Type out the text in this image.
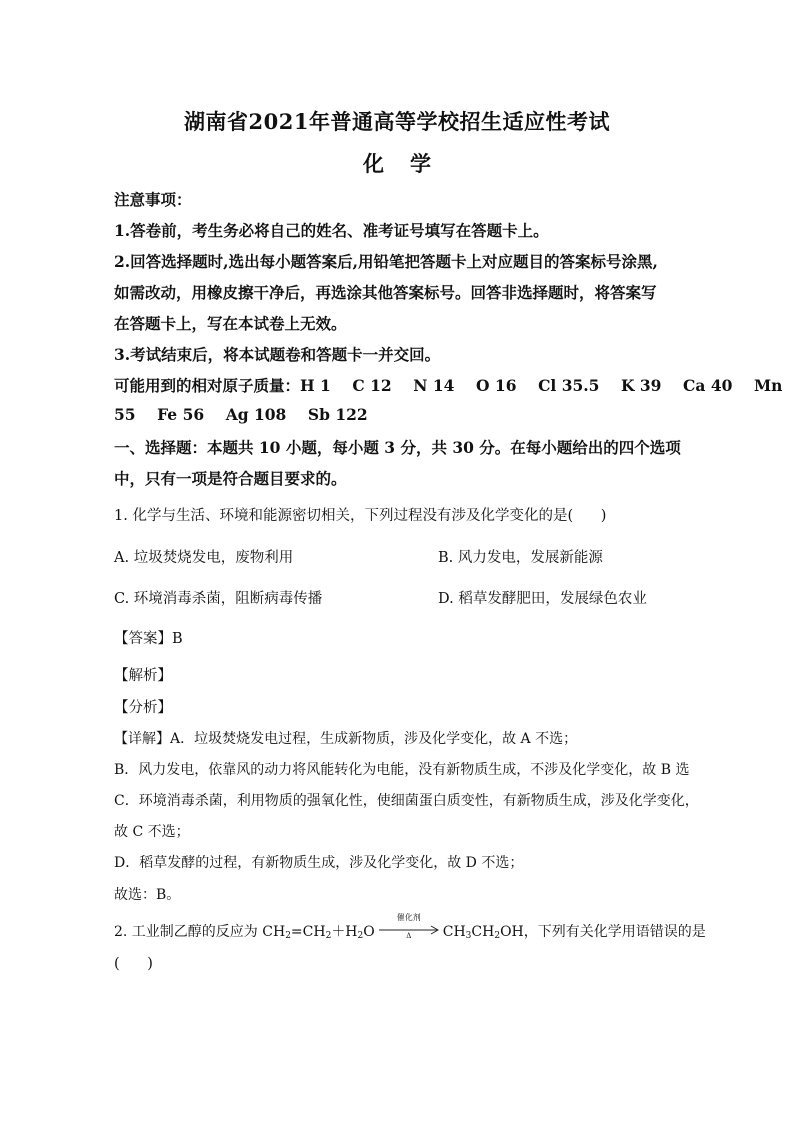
湖南省2021年普通高等学校招生适应性考试
化 学
注意事项：
1.答卷前，考生务必将自己的姓名、准考证号填写在答题卡上。
2.回答选择题时,选出每小题答案后,用铅笔把答题卡上对应题目的答案标号涂黑,
如需改动，用橡皮擦干净后，再选涂其他答案标号。回答非选择题时，将答案写
在答题卡上，写在本试卷上无效。
3.考试结束后，将本试题卷和答题卡一并交回。
可能用到的相对原子质量：H 1    C 12    N 14    O 16    Cl 35.5    K 39    Ca 40    Mn
55    Fe 56    Ag 108    Sb 122
一、选择题：本题共 10 小题，每小题 3 分，共 30 分。在每小题给出的四个选项
中，只有一项是符合题目要求的。
1. 化学与生活、环境和能源密切相关，下列过程没有涉及化学变化的是(      )
A. 垃圾焚烧发电，废物利用	B. 风力发电，发展新能源
C. 环境消毒杀菌，阻断病毒传播	D. 稻草发酵肥田，发展绿色农业
【答案】B
【解析】
【分析】
【详解】A．垃圾焚烧发电过程，生成新物质，涉及化学变化，故 A 不选；
B．风力发电，依靠风的动力将风能转化为电能，没有新物质生成，不涉及化学变化，故 B 选
C．环境消毒杀菌，利用物质的强氧化性，使细菌蛋白质变性，有新物质生成，涉及化学变化，
故 C 不选；
D．稻草发酵的过程，有新物质生成，涉及化学变化，故 D 不选；
故选：B。
2. 工业制乙醇的反应为 $CH_2=CH_2+H_2O$
催化剂
Δ	$CH_3CH_2OH$，下列有关化学用语错误的是
(      )
